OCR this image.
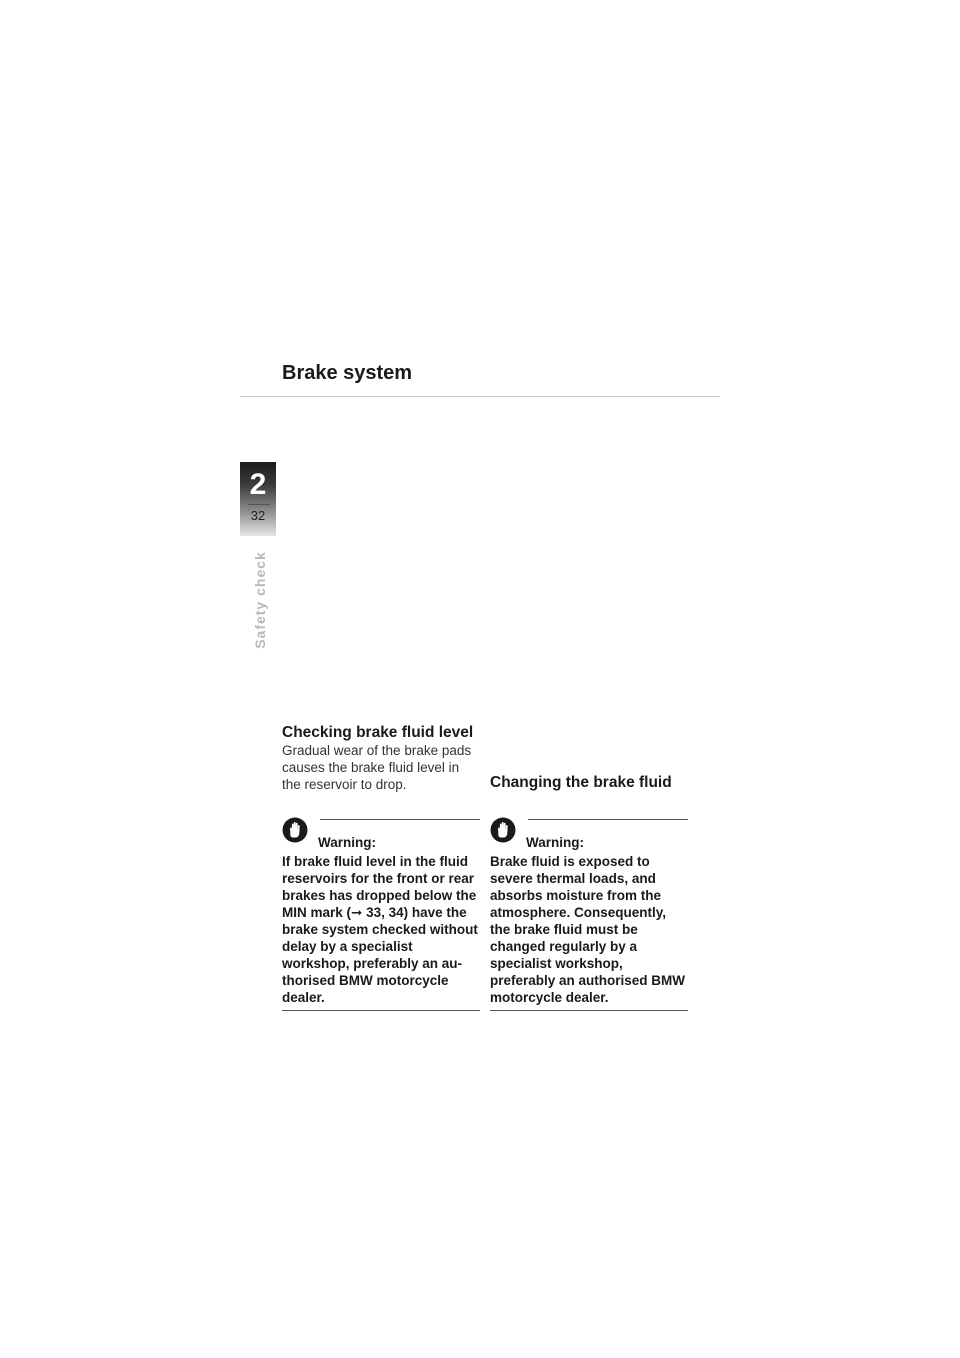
Brake system
2
32
Safety check
Checking brake fluid level

Gradual wear of the brake pads causes the brake fluid level in the reservoir to drop.

Warning:

If brake fluid level in the fluid reservoirs for the front or rear brakes has dropped below the MIN mark (➞ 33, 34) have the brake system checked without delay by a specialist workshop, preferably an au-thorised BMW motorcycle dealer.

Changing the brake fluid
Warning:

Brake fluid is exposed to severe thermal loads, and absorbs moisture from the atmosphere. Consequently, the brake fluid must be changed regularly by a specialist workshop, preferably an authorised BMW motorcycle dealer.
